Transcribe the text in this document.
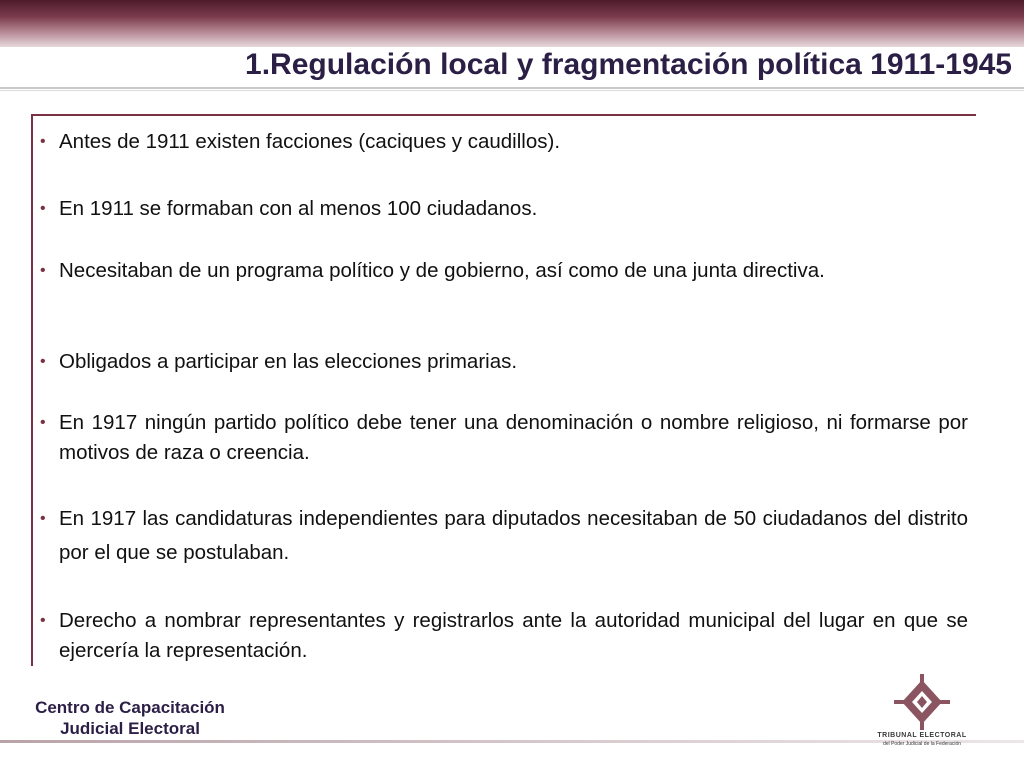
1.Regulación local y fragmentación política 1911-1945
• Antes de 1911 existen facciones (caciques y caudillos).
• En 1911 se formaban con al menos 100 ciudadanos.
• Necesitaban de un programa político y de gobierno, así como de una junta directiva.
• Obligados a participar en las elecciones primarias.
• En 1917 ningún partido político debe tener una denominación o nombre religioso, ni formarse por motivos de raza o creencia.
• En 1917 las candidaturas independientes para diputados necesitaban de 50 ciudadanos del distrito por el que se postulaban.
• Derecho a nombrar representantes y registrarlos ante la autoridad municipal del lugar en que se ejercería la representación.
Centro de Capacitación
Judicial Electoral	TRIBUNAL ELECTORAL
del Poder Judicial de la Federación
